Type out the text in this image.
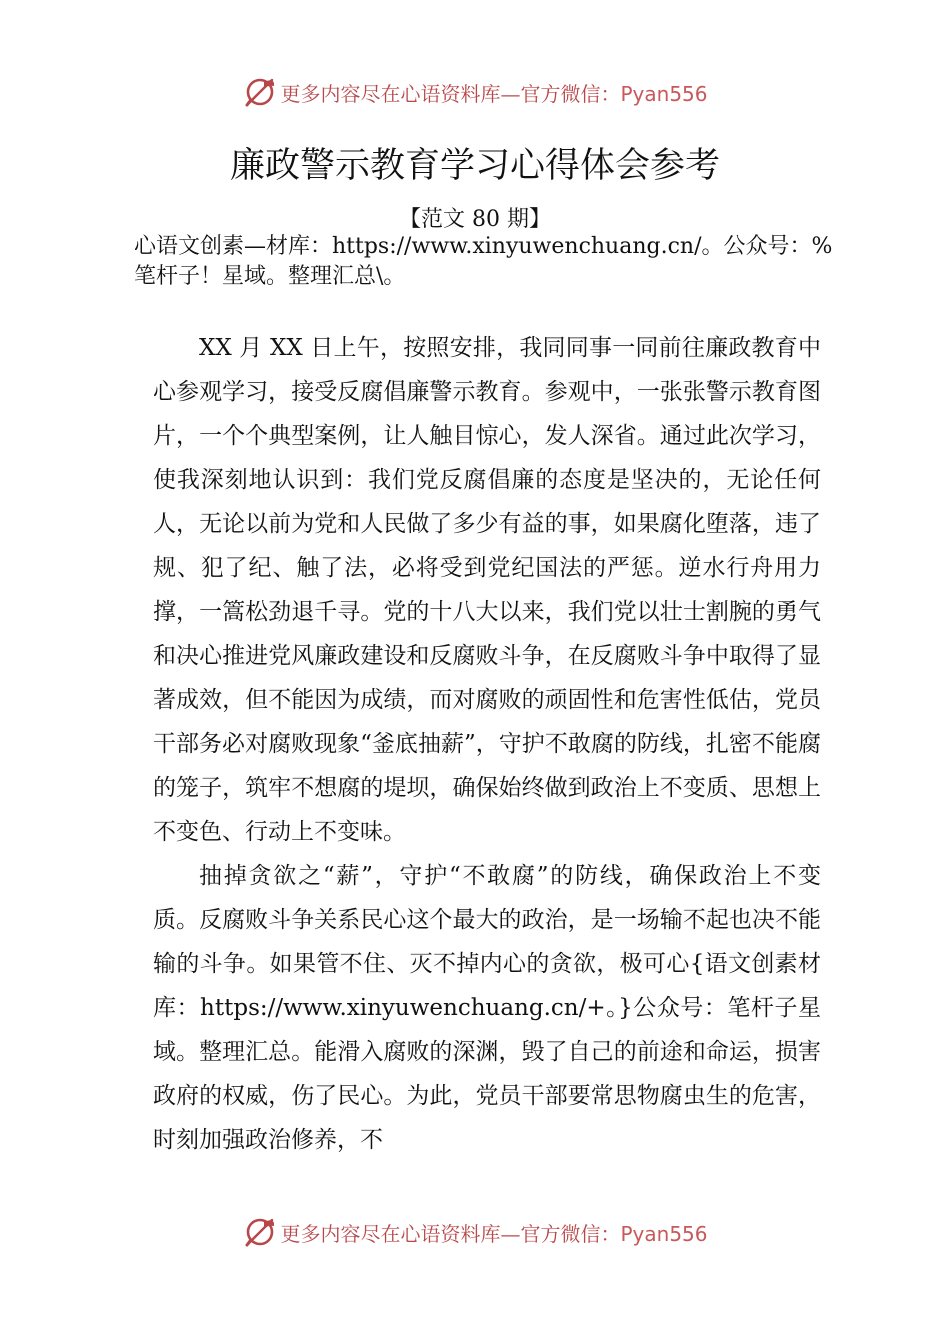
更多内容尽在心语资料库—官方微信：Pyan556
廉政警示教育学习心得体会参考
【范文 80 期】
心语文创素—材库：https://www.xinyuwenchuang.cn/。公众号：%笔杆子！星域。整理汇总\。

XX 月 XX 日上午，按照安排，我同同事一同前往廉政教育中心参观学习，接受反腐倡廉警示教育。参观中，一张张警示教育图片，一个个典型案例，让人触目惊心，发人深省。通过此次学习，使我深刻地认识到：我们党反腐倡廉的态度是坚决的，无论任何人，无论以前为党和人民做了多少有益的事，如果腐化堕落，违了规、犯了纪、触了法，必将受到党纪国法的严惩。逆水行舟用力撑，一篙松劲退千寻。党的十八大以来，我们党以壮士割腕的勇气和决心推进党风廉政建设和反腐败斗争，在反腐败斗争中取得了显著成效，但不能因为成绩，而对腐败的顽固性和危害性低估，党员干部务必对腐败现象“釜底抽薪”，守护不敢腐的防线，扎密不能腐的笼子，筑牢不想腐的堤坝，确保始终做到政治上不变质、思想上不变色、行动上不变味。

抽掉贪欲之“薪”，守护“不敢腐”的防线，确保政治上不变质。反腐败斗争关系民心这个最大的政治，是一场输不起也决不能输的斗争。如果管不住、灭不掉内心的贪欲，极可心{语文创素材库：https://www.xinyuwenchuang.cn/+。}公众号：笔杆子星域。整理汇总。能滑入腐败的深渊，毁了自己的前途和命运，损害政府的权威，伤了民心。为此，党员干部要常思物腐虫生的危害， 时刻加强政治修养，不

更多内容尽在心语资料库—官方微信：Pyan556
